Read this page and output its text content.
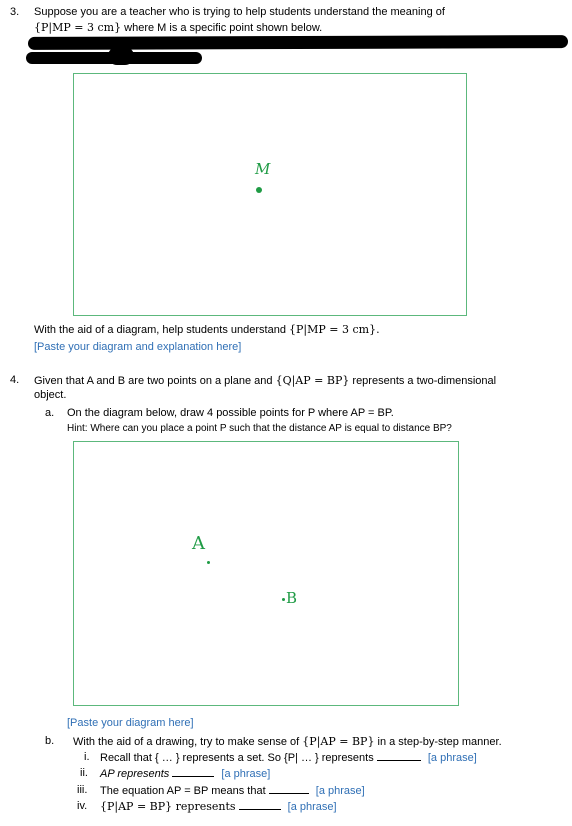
3. Suppose you are a teacher who is trying to help students understand the meaning of
{P|MP = 3 cm} where M is a specific point shown below.
M
With the aid of a diagram, help students understand {P|MP = 3 cm}.
[Paste your diagram and explanation here]
4. Given that A and B are two points on a plane and {Q|AP = BP} represents a two-dimensional
object.
a. On the diagram below, draw 4 possible points for P where AP = BP.
Hint: Where can you place a point P such that the distance AP is equal to distance BP?
A
B
[Paste your diagram here]
b. With the aid of a drawing, try to make sense of {P|AP = BP} in a step-by-step manner.
i. Recall that { … } represents a set. So {P| … } represents	[a phrase]
ii. AP represents	[a phrase]
iii. The equation AP = BP means that	[a phrase]
iv. {P|AP = BP} represents	[a phrase]
